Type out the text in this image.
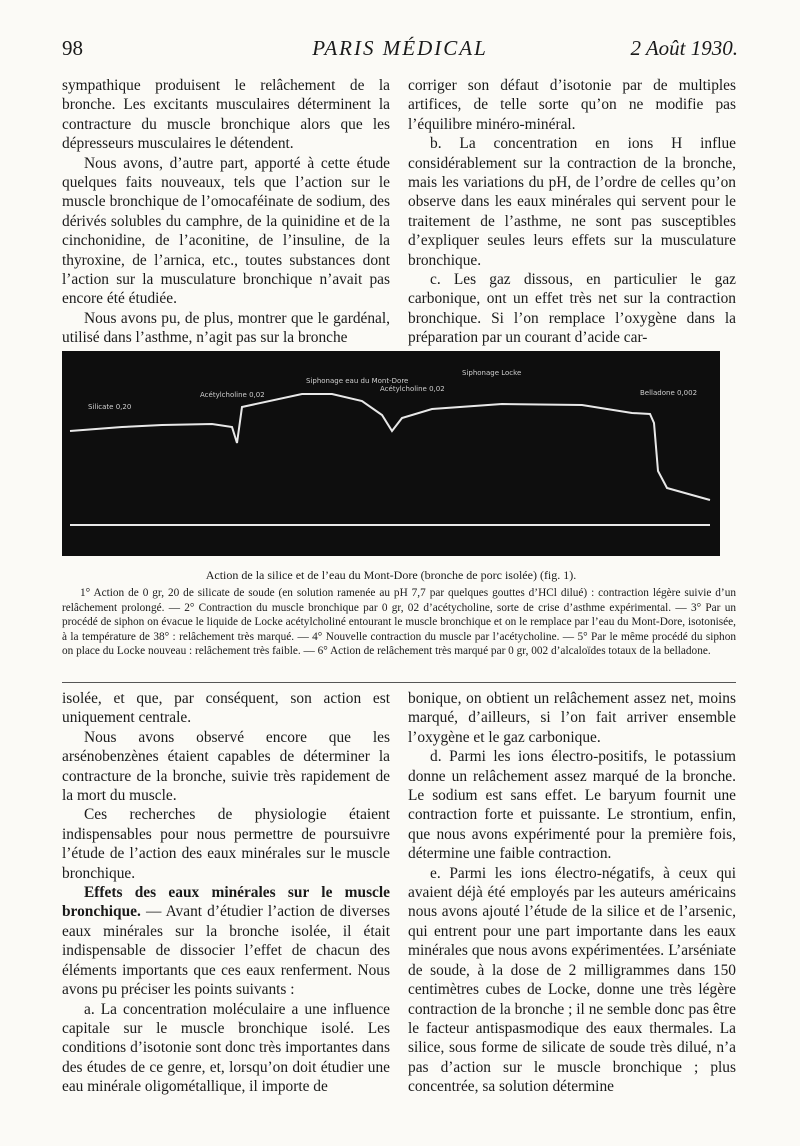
98	PARIS MÉDICAL	2 Août 1930.

sympathique produisent le relâchement de la bronche. Les excitants musculaires déterminent la contracture du muscle bronchique alors que les dépresseurs musculaires le détendent.

Nous avons, d’autre part, apporté à cette étude quelques faits nouveaux, tels que l’action sur le muscle bronchique de l’omocaféinate de sodium, des dérivés solubles du camphre, de la quinidine et de la cinchonidine, de l’aconitine, de l’insuline, de la thyroxine, de l’arnica, etc., toutes substances dont l’action sur la musculature bronchique n’avait pas encore été étudiée.

Nous avons pu, de plus, montrer que le gardénal, utilisé dans l’asthme, n’agit pas sur la bronche

corriger son défaut d’isotonie par de multiples artifices, de telle sorte qu’on ne modifie pas l’équilibre minéro-minéral.

b. La concentration en ions H influe considérablement sur la contraction de la bronche, mais les variations du pH, de l’ordre de celles qu’on observe dans les eaux minérales qui servent pour le traitement de l’asthme, ne sont pas susceptibles d’expliquer seules leurs effets sur la musculature bronchique.

c. Les gaz dissous, en particulier le gaz carbonique, ont un effet très net sur la contraction bronchique. Si l’on remplace l’oxygène dans la préparation par un courant d’acide car-

Silicate 0,20
Acétylcholine 0,02
Siphonage eau du Mont-Dore
Acétylcholine 0,02
Siphonage Locke
Belladone 0,002
Action de la silice et de l’eau du Mont-Dore (bronche de porc isolée) (fig. 1).

1° Action de 0 gr, 20 de silicate de soude (en solution ramenée au pH 7,7 par quelques gouttes d’HCl dilué) : contraction légère suivie d’un relâchement prolongé. — 2° Contraction du muscle bronchique par 0 gr, 02 d’acétycholine, sorte de crise d’asthme expérimental. — 3° Par un procédé de siphon on évacue le liquide de Locke acétylcholiné entourant le muscle bronchique et on le remplace par l’eau du Mont-Dore, isotonisée, à la température de 38° : relâchement très marqué. — 4° Nouvelle contraction du muscle par l’acétycholine. — 5° Par le même procédé du siphon on place du Locke nouveau : relâchement très faible. — 6° Action de relâchement très marqué par 0 gr, 002 d’alcaloïdes totaux de la belladone.

isolée, et que, par conséquent, son action est uniquement centrale.

Nous avons observé encore que les arsénobenzènes étaient capables de déterminer la contracture de la bronche, suivie très rapidement de la mort du muscle.

Ces recherches de physiologie étaient indispensables pour nous permettre de poursuivre l’étude de l’action des eaux minérales sur le muscle bronchique.

Effets des eaux minérales sur le muscle bronchique. — Avant d’étudier l’action de diverses eaux minérales sur la bronche isolée, il était indispensable de dissocier l’effet de chacun des éléments importants que ces eaux renferment. Nous avons pu préciser les points suivants :

a. La concentration moléculaire a une influence capitale sur le muscle bronchique isolé. Les conditions d’isotonie sont donc très importantes dans des études de ce genre, et, lorsqu’on doit étudier une eau minérale oligométallique, il importe de

bonique, on obtient un relâchement assez net, moins marqué, d’ailleurs, si l’on fait arriver ensemble l’oxygène et le gaz carbonique.

d. Parmi les ions électro-positifs, le potassium donne un relâchement assez marqué de la bronche. Le sodium est sans effet. Le baryum fournit une contraction forte et puissante. Le strontium, enfin, que nous avons expérimenté pour la première fois, détermine une faible contraction.

e. Parmi les ions électro-négatifs, à ceux qui avaient déjà été employés par les auteurs américains nous avons ajouté l’étude de la silice et de l’arsenic, qui entrent pour une part importante dans les eaux minérales que nous avons expérimentées. L’arséniate de soude, à la dose de 2 milligrammes dans 150 centimètres cubes de Locke, donne une très légère contraction de la bronche ; il ne semble donc pas être le facteur antispasmodique des eaux thermales. La silice, sous forme de silicate de soude très dilué, n’a pas d’action sur le muscle bronchique ; plus concentrée, sa solution détermine
